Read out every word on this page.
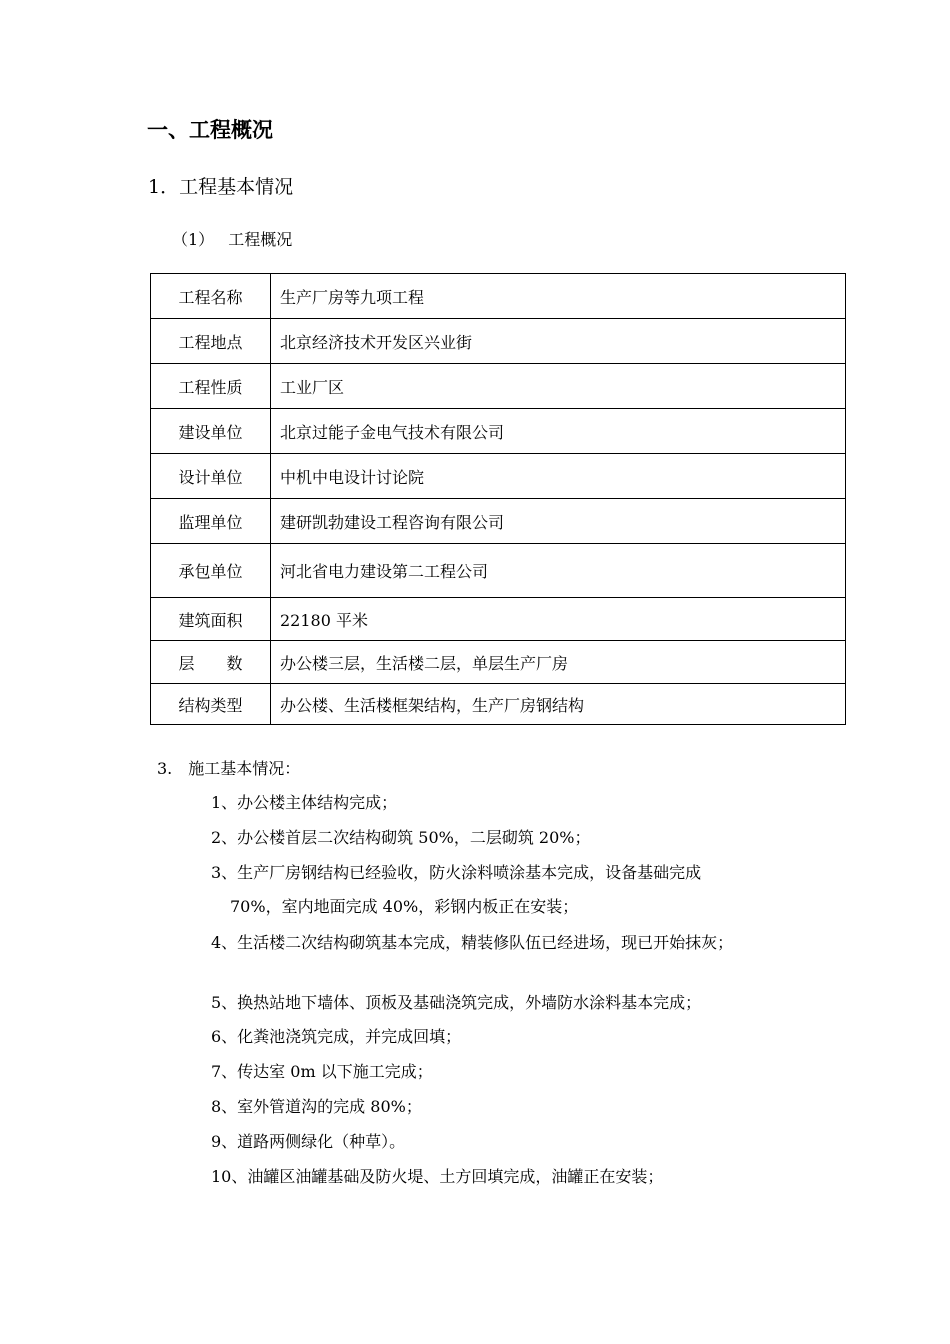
一、工程概况
1．工程基本情况
（1） 工程概况
工程名称	生产厂房等九项工程
工程地点	北京经济技术开发区兴业街
工程性质	工业厂区
建设单位	北京过能子金电气技术有限公司
设计单位	中机中电设计讨论院
监理单位	建研凯勃建设工程咨询有限公司
承包单位	河北省电力建设第二工程公司
建筑面积	22180 平米
层　　数	办公楼三层，生活楼二层，单层生产厂房
结构类型	办公楼、生活楼框架结构，生产厂房钢结构
3. 施工基本情况：
1、办公楼主体结构完成；
2、办公楼首层二次结构砌筑 50%，二层砌筑 20%；
3、生产厂房钢结构已经验收，防火涂料喷涂基本完成，设备基础完成
70%，室内地面完成 40%，彩钢内板正在安装；
4、生活楼二次结构砌筑基本完成，精装修队伍已经进场，现已开始抹灰；
5、换热站地下墙体、顶板及基础浇筑完成，外墙防水涂料基本完成；
6、化粪池浇筑完成，并完成回填；
7、传达室 0m 以下施工完成；
8、室外管道沟的完成 80%；
9、道路两侧绿化（种草）。
10、油罐区油罐基础及防火堤、土方回填完成，油罐正在安装；
